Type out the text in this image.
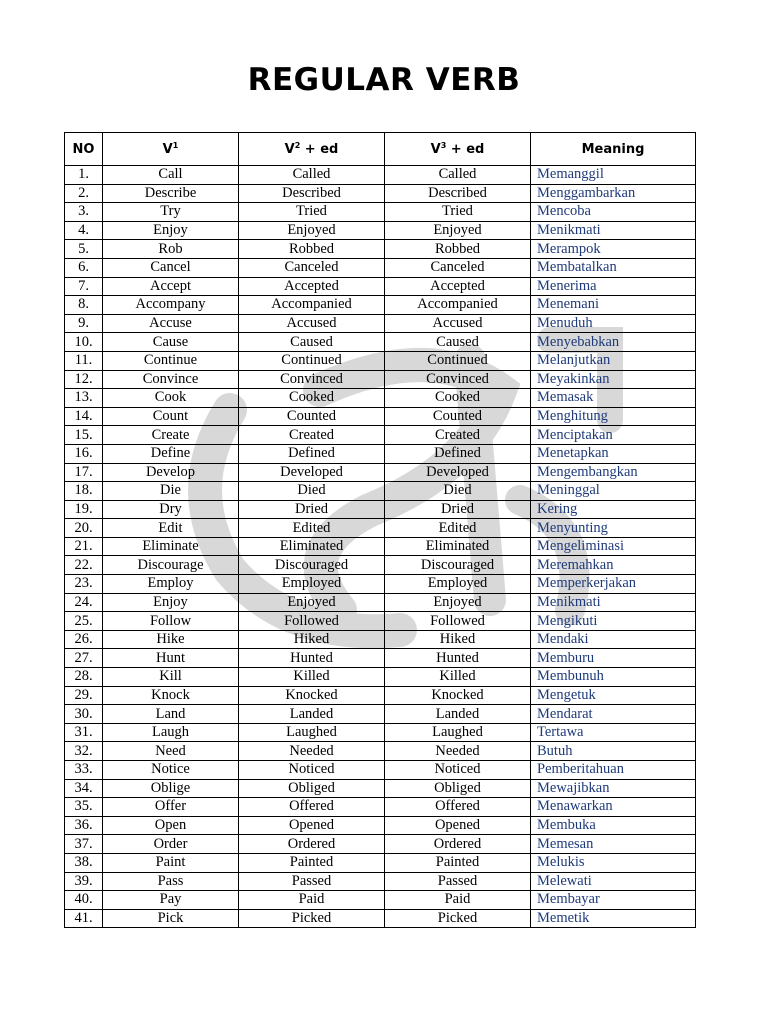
REGULAR VERB
NO	$V^1$	$V^2$ + ed	$V^3$ + ed	Meaning
1.	Call	Called	Called	Memanggil
2.	Describe	Described	Described	Menggambarkan
3.	Try	Tried	Tried	Mencoba
4.	Enjoy	Enjoyed	Enjoyed	Menikmati
5.	Rob	Robbed	Robbed	Merampok
6.	Cancel	Canceled	Canceled	Membatalkan
7.	Accept	Accepted	Accepted	Menerima
8.	Accompany	Accompanied	Accompanied	Menemani
9.	Accuse	Accused	Accused	Menuduh
10.	Cause	Caused	Caused	Menyebabkan
11.	Continue	Continued	Continued	Melanjutkan
12.	Convince	Convinced	Convinced	Meyakinkan
13.	Cook	Cooked	Cooked	Memasak
14.	Count	Counted	Counted	Menghitung
15.	Create	Created	Created	Menciptakan
16.	Define	Defined	Defined	Menetapkan
17.	Develop	Developed	Developed	Mengembangkan
18.	Die	Died	Died	Meninggal
19.	Dry	Dried	Dried	Kering
20.	Edit	Edited	Edited	Menyunting
21.	Eliminate	Eliminated	Eliminated	Mengeliminasi
22.	Discourage	Discouraged	Discouraged	Meremahkan
23.	Employ	Employed	Employed	Memperkerjakan
24.	Enjoy	Enjoyed	Enjoyed	Menikmati
25.	Follow	Followed	Followed	Mengikuti
26.	Hike	Hiked	Hiked	Mendaki
27.	Hunt	Hunted	Hunted	Memburu
28.	Kill	Killed	Killed	Membunuh
29.	Knock	Knocked	Knocked	Mengetuk
30.	Land	Landed	Landed	Mendarat
31.	Laugh	Laughed	Laughed	Tertawa
32.	Need	Needed	Needed	Butuh
33.	Notice	Noticed	Noticed	Pemberitahuan
34.	Oblige	Obliged	Obliged	Mewajibkan
35.	Offer	Offered	Offered	Menawarkan
36.	Open	Opened	Opened	Membuka
37.	Order	Ordered	Ordered	Memesan
38.	Paint	Painted	Painted	Melukis
39.	Pass	Passed	Passed	Melewati
40.	Pay	Paid	Paid	Membayar
41.	Pick	Picked	Picked	Memetik
